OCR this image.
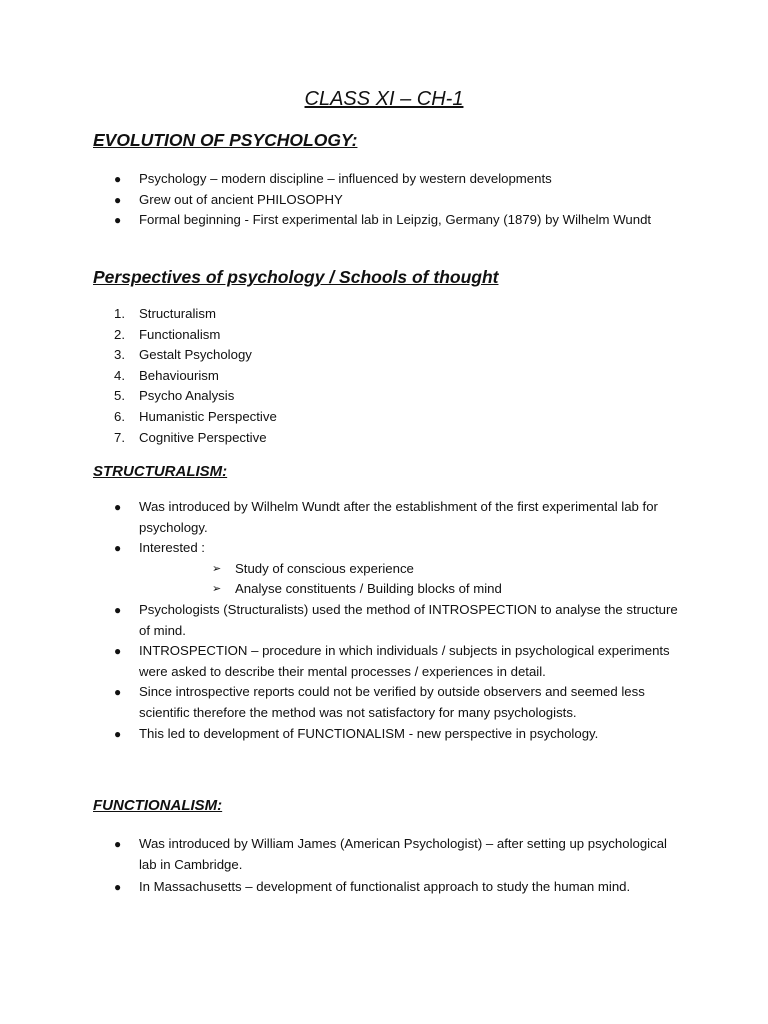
CLASS XI – CH-1
EVOLUTION OF PSYCHOLOGY:
● Psychology – modern discipline – influenced by western developments
● Grew out of ancient PHILOSOPHY
● Formal beginning - First experimental lab in Leipzig, Germany (1879) by Wilhelm Wundt
Perspectives of psychology / Schools of thought
1. Structuralism
2. Functionalism
3. Gestalt Psychology
4. Behaviourism
5. Psycho Analysis
6. Humanistic Perspective
7. Cognitive Perspective
STRUCTURALISM:
● Was introduced by Wilhelm Wundt after the establishment of the first experimental lab for psychology.
● Interested :
➢ Study of conscious experience
➢ Analyse constituents / Building blocks of mind
● Psychologists (Structuralists) used the method of INTROSPECTION to analyse the structure of mind.
● INTROSPECTION – procedure in which individuals / subjects in psychological experiments were asked to describe their mental processes / experiences in detail.
● Since introspective reports could not be verified by outside observers and seemed less scientific therefore the method was not satisfactory for many psychologists.
● This led to development of FUNCTIONALISM - new perspective in psychology.
FUNCTIONALISM:
● Was introduced by William James (American Psychologist) – after setting up psychological lab in Cambridge.
● In Massachusetts – development of functionalist approach to study the human mind.
